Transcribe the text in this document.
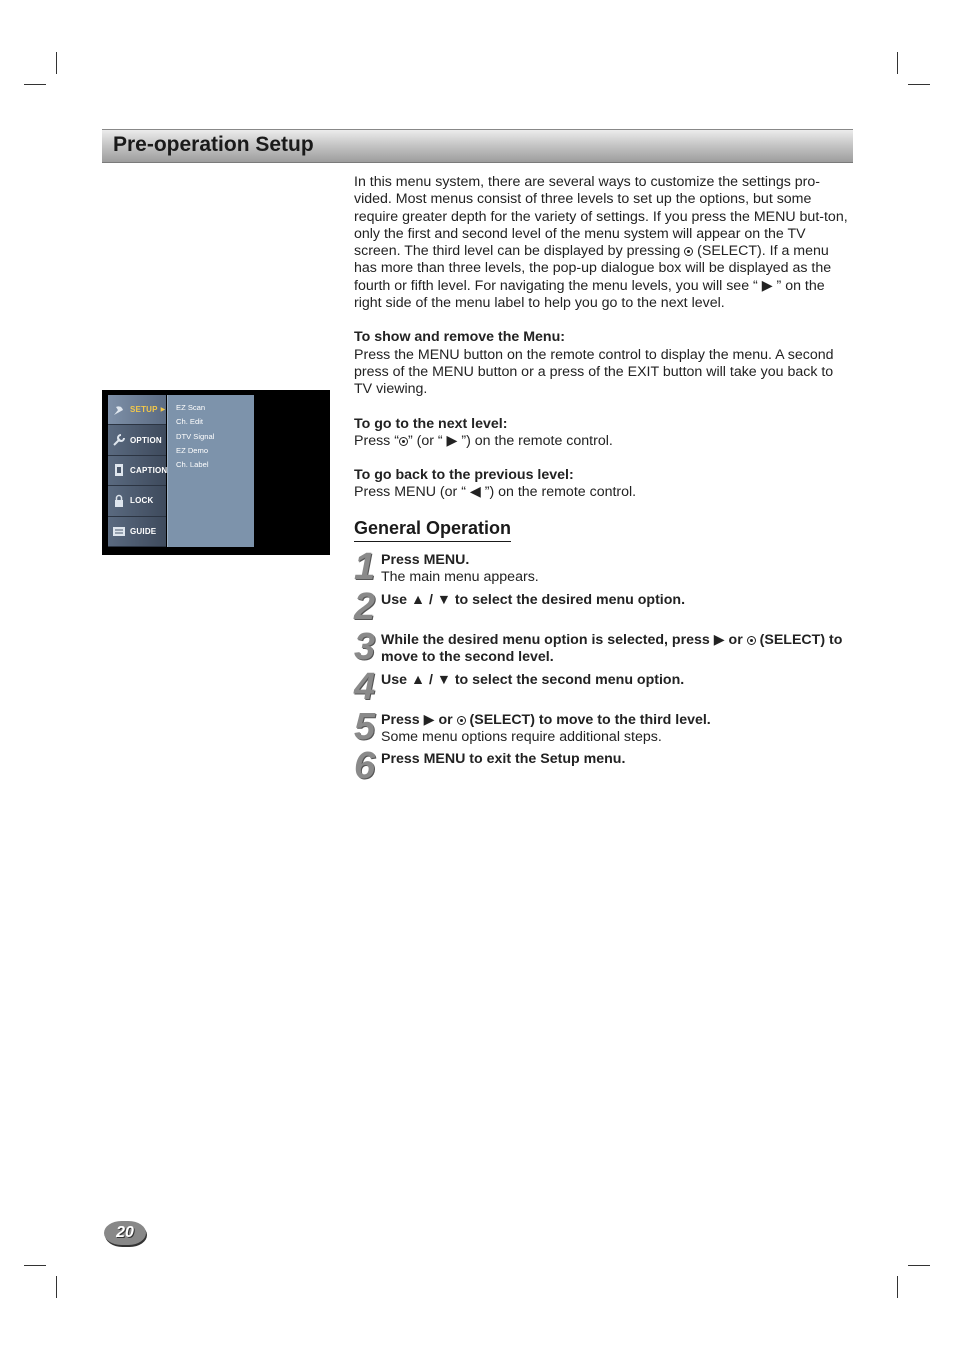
Pre-operation Setup

In this menu system, there are several ways to customize the settings pro-vided. Most menus consist of three levels to set up the options, but some require greater depth for the variety of settings. If you press the MENU but-ton, only the first and second level of the menu system will appear on the TV screen. The third level can be displayed by pressing  (SELECT). If a menu has more than three levels, the pop-up dialogue box will be displayed as the fourth or fifth level. For navigating the menu levels, you will see “ ▶ ” on the right side of the menu label to help you go to the next level.

To show and remove the Menu:

Press the MENU button on the remote control to display the menu. A second press of the MENU button or a press of the EXIT button will take you back to TV viewing.

To go to the next level:

Press “ ” (or “ ▶ ”) on the remote control.

To go back to the previous level:

Press MENU (or “ ◀ ”) on the remote control.

SETUP ▶
OPTION
CAPTION
LOCK
GUIDE
EZ Scan
Ch. Edit
DTV Signal
EZ Demo
Ch. Label
General Operation
1 Press MENU.
The main menu appears.
2 Use ▲ / ▼ to select the desired menu option.
3 While the desired menu option is selected, press ▶ or  (SELECT) to move to the second level.
4 Use ▲ / ▼ to select the second menu option.
5 Press ▶ or  (SELECT) to move to the third level.
Some menu options require additional steps.
6 Press MENU to exit the Setup menu.
20
